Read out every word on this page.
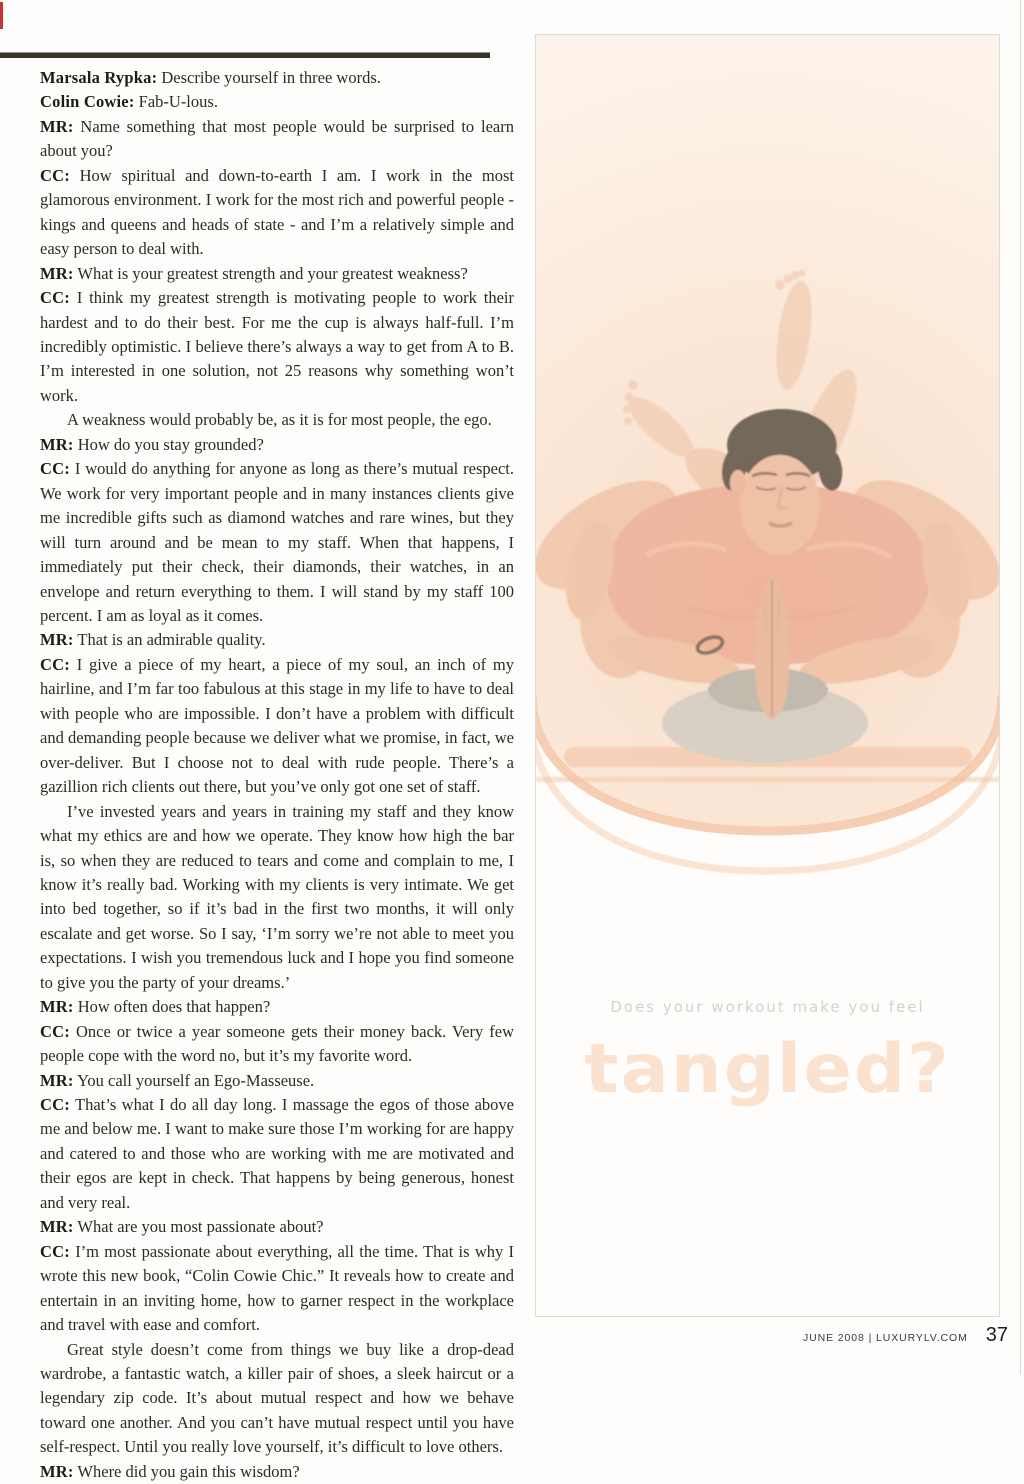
Marsala Rypka: Describe yourself in three words.

Colin Cowie: Fab-U-lous.

MR: Name something that most people would be surprised to learn about you?

CC: How spiritual and down-to-earth I am. I work in the most glamorous environment. I work for the most rich and powerful people - kings and queens and heads of state - and I’m a relatively simple and easy person to deal with.

MR: What is your greatest strength and your greatest weakness?

CC: I think my greatest strength is motivating people to work their hardest and to do their best. For me the cup is always half-full. I’m incredibly optimistic. I believe there’s always a way to get from A to B. I’m interested in one solution, not 25 reasons why something won’t work.

A weakness would probably be, as it is for most people, the ego.

MR: How do you stay grounded?

CC: I would do anything for anyone as long as there’s mutual respect. We work for very important people and in many instances clients give me incredible gifts such as diamond watches and rare wines, but they will turn around and be mean to my staff. When that happens, I immediately put their check, their diamonds, their watches, in an envelope and return everything to them. I will stand by my staff 100 percent. I am as loyal as it comes.

MR: That is an admirable quality.

CC: I give a piece of my heart, a piece of my soul, an inch of my hairline, and I’m far too fabulous at this stage in my life to have to deal with people who are impossible. I don’t have a problem with difficult and demanding people because we deliver what we promise, in fact, we over-deliver. But I choose not to deal with rude people. There’s a gazillion rich clients out there, but you’ve only got one set of staff.

I’ve invested years and years in training my staff and they know what my ethics are and how we operate. They know how high the bar is, so when they are reduced to tears and come and complain to me, I know it’s really bad. Working with my clients is very intimate. We get into bed together, so if it’s bad in the first two months, it will only escalate and get worse. So I say, ‘I’m sorry we’re not able to meet you expectations. I wish you tremendous luck and I hope you find someone to give you the party of your dreams.’

MR: How often does that happen?

CC: Once or twice a year someone gets their money back. Very few people cope with the word no, but it’s my favorite word.

MR: You call yourself an Ego-Masseuse.

CC: That’s what I do all day long. I massage the egos of those above me and below me. I want to make sure those I’m working for are happy and catered to and those who are working with me are motivated and their egos are kept in check. That happens by being generous, honest and very real.

MR: What are you most passionate about?

CC: I’m most passionate about everything, all the time. That is why I wrote this new book, “Colin Cowie Chic.” It reveals how to create and entertain in an inviting home, how to garner respect in the workplace and travel with ease and comfort.

Great style doesn’t come from things we buy like a drop-dead wardrobe, a fantastic watch, a killer pair of shoes, a sleek haircut or a legendary zip code. It’s about mutual respect and how we behave toward one another. And you can’t have mutual respect until you have self-respect. Until you really love yourself, it’s difficult to love others.

MR: Where did you gain this wisdom?

Does your workout make you feel
tangled?
JUNE 2008 | LUXURYLV.COM 37
